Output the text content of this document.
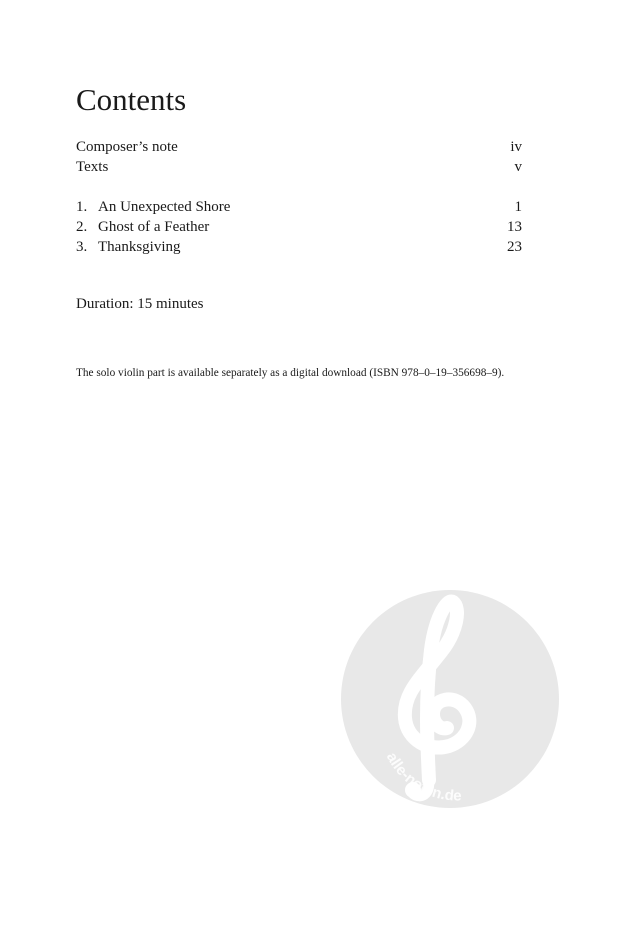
Contents
Composer’s note	iv
Texts	v
1. An Unexpected Shore	1
2. Ghost of a Feather	13
3. Thanksgiving	23
Duration: 15 minutes
The solo violin part is available separately as a digital download (ISBN 978–0–19–356698–9).
alle-noten.de
